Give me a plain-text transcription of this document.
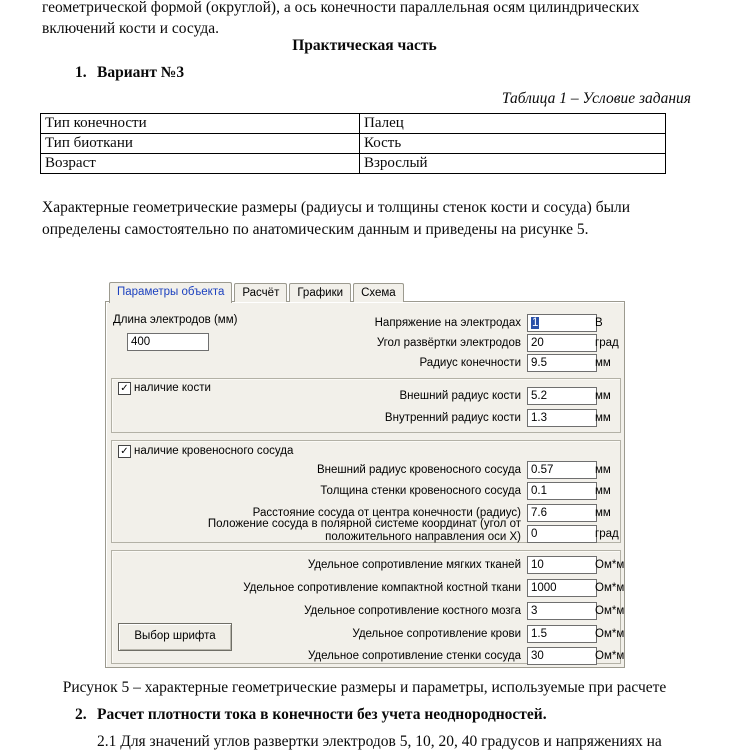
геометрической формой (округлой), а ось конечности параллельная осям цилиндрических включений кости и сосуда.

Практическая часть
1. Вариант №3
Таблица 1 – Условие задания
Тип конечности	Палец
Тип биоткани	Кость
Возраст	Взрослый

Характерные геометрические размеры (радиусы и толщины стенок кости и сосуда) были определены самостоятельно по анатомическим данным и приведены на рисунке 5.

Параметры объекта	Расчёт	Графики	Схема
Длина электродов (мм)
400
Напряжение на электродах 1	В
Угол развёртки электродов 20	град
Радиус конечности 9.5	мм
✓ наличие кости
Внешний радиус кости 5.2	мм
Внутренний радиус кости 1.3	мм
✓ наличие кровеносного сосуда
Внешний радиус кровеносного сосуда 0.57	мм
Толщина стенки кровеносного сосуда 0.1	мм
Расстояние сосуда от центра конечности (радиус) 7.6	мм
Положение сосуда в полярной системе координат (угол от положительного направления оси X) 0	град
Удельное сопротивление мягких тканей 10	Ом*м
Удельное сопротивление компактной костной ткани 1000	Ом*м
Удельное сопротивление костного мозга 3	Ом*м
Удельное сопротивление крови 1.5	Ом*м
Удельное сопротивление стенки сосуда 30	Ом*м
Выбор шрифта
Рисунок 5 – характерные геометрические размеры и параметры, используемые при расчете
2. Расчет плотности тока в конечности без учета неоднородностей.
2.1 Для значений углов развертки электродов 5, 10, 20, 40 градусов и напряжениях на
